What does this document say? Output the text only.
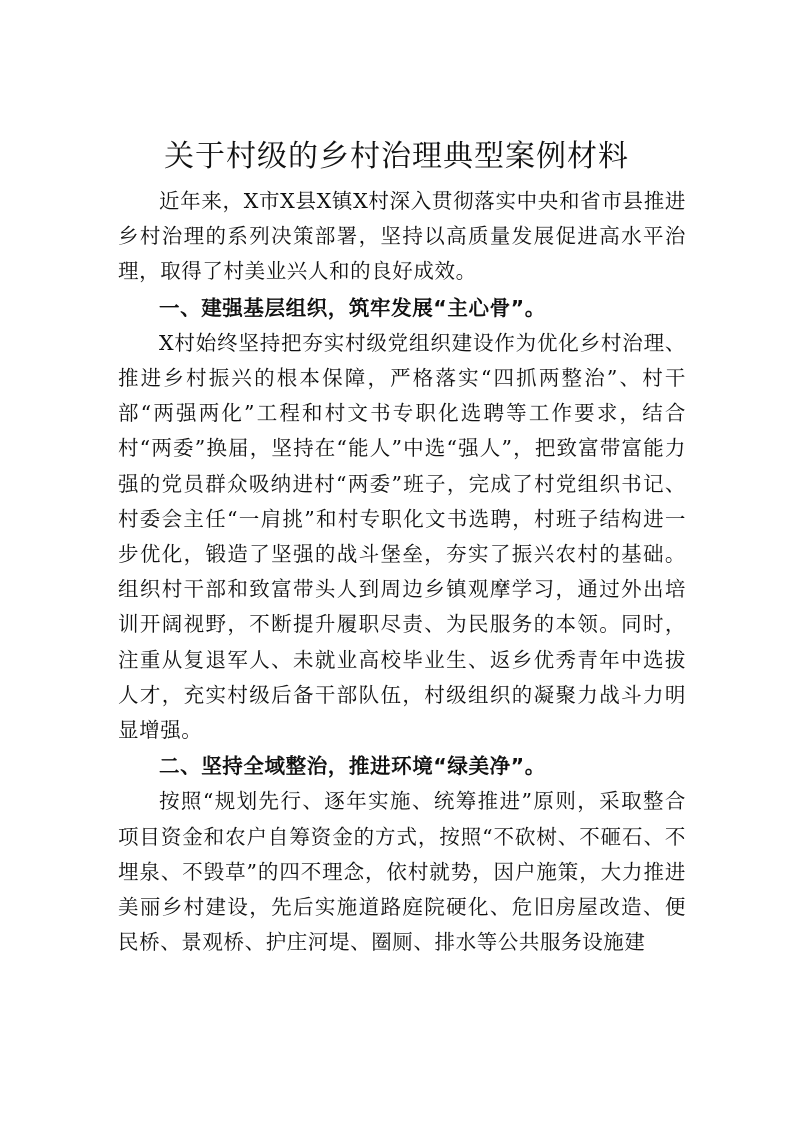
关于村级的乡村治理典型案例材料

近年来，X市X县X镇X村深入贯彻落实中央和省市县推进乡村治理的系列决策部署，坚持以高质量发展促进高水平治理，取得了村美业兴人和的良好成效。

一、建强基层组织，筑牢发展“主心骨”。

X村始终坚持把夯实村级党组织建设作为优化乡村治理、推进乡村振兴的根本保障，严格落实“四抓两整治”、村干部“两强两化”工程和村文书专职化选聘等工作要求，结合村“两委”换届，坚持在“能人”中选“强人”，把致富带富能力强的党员群众吸纳进村“两委”班子，完成了村党组织书记、村委会主任“一肩挑”和村专职化文书选聘，村班子结构进一步优化，锻造了坚强的战斗堡垒，夯实了振兴农村的基础。组织村干部和致富带头人到周边乡镇观摩学习，通过外出培训开阔视野，不断提升履职尽责、为民服务的本领。同时，注重从复退军人、未就业高校毕业生、返乡优秀青年中选拔人才，充实村级后备干部队伍，村级组织的凝聚力战斗力明显增强。

二、坚持全域整治，推进环境“绿美净”。

按照“规划先行、逐年实施、统筹推进”原则，采取整合项目资金和农户自筹资金的方式，按照“不砍树、不砸石、不埋泉、不毁草”的四不理念，依村就势，因户施策，大力推进美丽乡村建设，先后实施道路庭院硬化、危旧房屋改造、便民桥、景观桥、护庄河堤、圈厕、排水等公共服务设施建
